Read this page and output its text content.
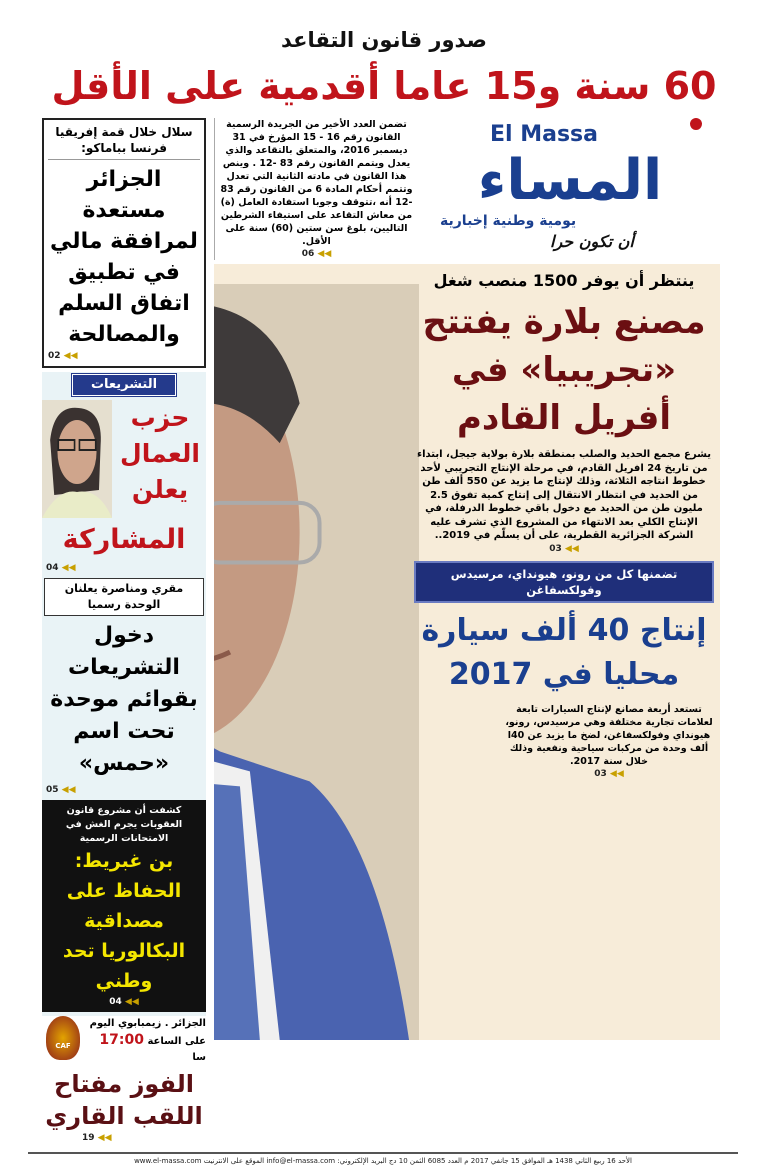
صدور قانون التقاعد
60 سنة و15 عاما أقدمية على الأقل
سلال خلال قمة إفريقيا فرنسا بباماكو:
الجزائر مستعدة لمرافقة مالي في تطبيق اتفاق السلم والمصالحة
02 ◀◀
التشريعات
حزب العمال يعلن
المشاركة
04 ◀◀
مقري ومناصرة يعلنان الوحدة رسميا
دخول التشريعات بقوائم موحدة تحت اسم «حمس»
05 ◀◀
كشفت أن مشروع قانون العقوبات يجرم الغش في الامتحانات الرسمية
بن غبريط: الحفاظ على مصداقية البكالوريا تحد وطني
04 ◀◀
CAF
الجزائر . زيمبابوي اليوم
على الساعة 17:00 سا
الفوز مفتاح اللقب القاري
19 ◀◀
تضمن العدد الأخير من الجريدة الرسمية القانون رقم 16 - 15 المؤرخ في 31 ديسمبر 2016، والمتعلق بالتقاعد والذي يعدل ويتمم القانون رقم 83 -12 . وينص هذا القانون في مادته الثانية التي تعدل وتتمم أحكام المادة 6 من القانون رقم 83 -12 أنه ،تتوقف وجوبا استفادة العامل (ة) من معاش التقاعد على استيفاء الشرطين التاليين، بلوغ سن ستين (60) سنة على الأقل.
06 ◀◀
El Massa
المساء
يومية وطنية إخبارية
أن تكون حرا
ينتظر أن يوفر 1500 منصب شغل
مصنع بلارة يفتتح «تجريبيا» في أفريل القادم
يشرع مجمع الحديد والصلب بمنطقة بلارة بولاية جيجل، ابتداء من تاريخ 24 افريل القادم، في مرحلة الإنتاج التجريبي لأحد خطوط انتاجه الثلاثة، وذلك لإنتاج ما يزيد عن 550 ألف طن من الحديد في انتظار الانتقال إلى إنتاج كمية تفوق 2.5 مليون طن من الحديد مع دخول باقي خطوط الدرفلة، في الإنتاج الكلي بعد الانتهاء من المشروع الذي تشرف عليه الشركة الجزائرية القطرية، على أن يسلّم في 2019..
03 ◀◀
تضمنها كل من رونو، هيونداي، مرسيدس وفولكسفاغن
إنتاج 40 ألف سيارة محليا في 2017
تستعد أربعة مصانع لإنتاج السيارات تابعة لعلامات تجارية مختلفة وهي مرسيدس، رونو، هيونداي وفولكسفاغن، لضخ ما يزيد عن 40ا ألف وحدة من مركبات سياحية ونفعية وذلك خلال سنة 2017.
03 ◀◀
الأحد 16 ربيع الثاني 1438 هـ الموافق 15 جانفي 2017 م العدد 6085 الثمن 10 دج البريد الإلكتروني: info@el-massa.com الموقع على الانترنيت www.el-massa.com
